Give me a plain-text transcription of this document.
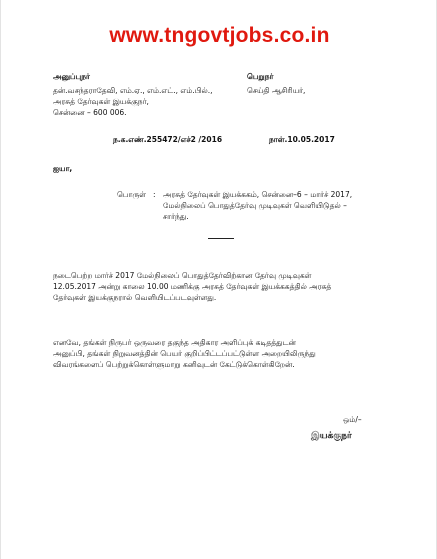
www.tngovtjobs.co.in
அனுப்புநர்
தன்.வசந்தராதேவி, எம்.ஏ., எம்.எட்., எம்.பில்.,
அரசுத் தேர்வுகள் இயக்குநர்,
சென்னை – 600 006.
பெறுநர்
செய்தி ஆசிரியர்,
ந.க.எண்.255472/எச்2 /2016	நாள்.10.05.2017
ஐயா,
பொருள் : அரசுத் தேர்வுகள் இயக்ககம், சென்னை–6 – மார்ச் 2017,
மேல்நிலைப் பொதுத்தேர்வு முடிவுகள் வெளியிடுதல் –
சார்ந்து.
நடைபெற்ற மார்ச் 2017 மேல்நிலைப் பொதுத்தேர்விற்கான தேர்வு முடிவுகள்
12.05.2017 அன்று காலை 10.00 மணிக்கு அரசுத் தேர்வுகள் இயக்ககத்தில் அரசுத்
தேர்வுகள் இயக்குநரால் வெளியிடப்படவுள்ளது.
எனவே, தங்கள் நிருபர் ஒருவரை தகுந்த அதிகார அளிப்புக் கடிதத்துடன்
அனுப்பி, தங்கள் நிறுவனத்தின் பெயர் குறிப்பிட்டப்பட்டுள்ள அறையிலிருந்து
விவரங்களைப் பெற்றுக்கொள்ளுமாறு கனிவுடன் கேட்டுக்கொள்கிறேன்.
ஒம்/–
இயக்குநர்
